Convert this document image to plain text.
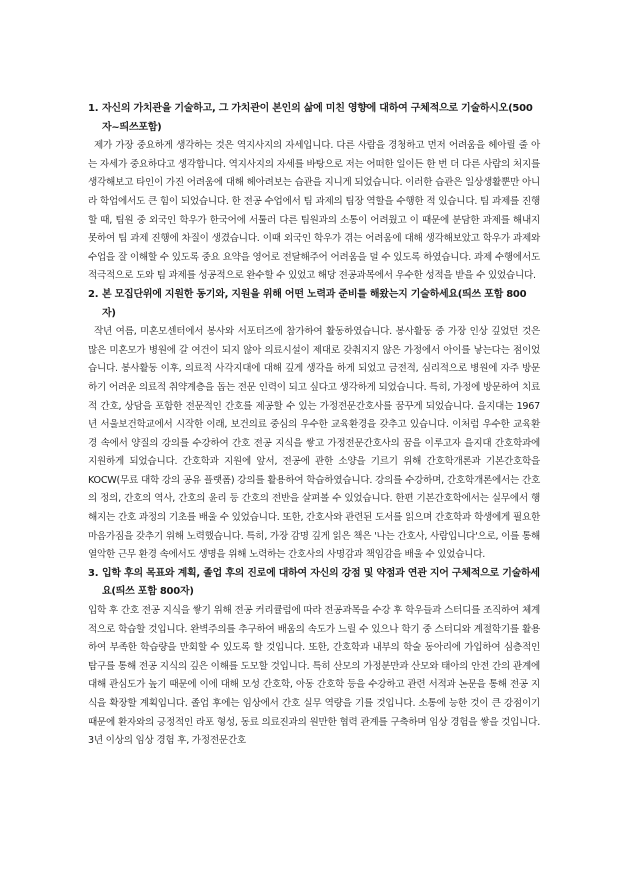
1. 자신의 가치관을 기술하고, 그 가치관이 본인의 삶에 미친 영향에 대하여 구체적으로 기술하시오(500자~띄쓰포함)

제가 가장 중요하게 생각하는 것은 역지사지의 자세입니다. 다른 사람을 경청하고 먼저 어려움을 헤아릴 줄 아는 자세가 중요하다고 생각합니다. 역지사지의 자세를 바탕으로 저는 어떠한 일이든 한 번 더 다른 사람의 처지를 생각해보고 타인이 가진 어려움에 대해 헤아려보는 습관을 지니게 되었습니다. 이러한 습관은 일상생활뿐만 아니라 학업에서도 큰 힘이 되었습니다. 한 전공 수업에서 팀 과제의 팀장 역할을 수행한 적 있습니다. 팀 과제를 진행할 때, 팀원 중 외국인 학우가 한국어에 서툴러 다른 팀원과의 소통이 어려웠고 이 때문에 분담한 과제를 해내지 못하여 팀 과제 진행에 차질이 생겼습니다. 이때 외국인 학우가 겪는 어려움에 대해 생각해보았고 학우가 과제와 수업을 잘 이해할 수 있도록 중요 요약을 영어로 전달해주어 어려움을 덜 수 있도록 하였습니다. 과제 수행에서도 적극적으로 도와 팀 과제를 성공적으로 완수할 수 있었고 해당 전공과목에서 우수한 성적을 받을 수 있었습니다.

2. 본 모집단위에 지원한 동기와, 지원을 위해 어떤 노력과 준비를 해왔는지 기술하세요(띄쓰 포함 800자)

작년 여름, 미혼모센터에서 봉사와 서포터즈에 참가하여 활동하였습니다. 봉사활동 중 가장 인상 깊었던 것은 많은 미혼모가 병원에 갈 여건이 되지 않아 의료시설이 제대로 갖춰지지 않은 가정에서 아이를 낳는다는 점이었습니다. 봉사활동 이후, 의료적 사각지대에 대해 깊게 생각을 하게 되었고 금전적, 심리적으로 병원에 자주 방문하기 어려운 의료적 취약계층을 돕는 전문 인력이 되고 싶다고 생각하게 되었습니다. 특히, 가정에 방문하여 치료적 간호, 상담을 포함한 전문적인 간호를 제공할 수 있는 가정전문간호사를 꿈꾸게 되었습니다. 을지대는 1967년 서울보건학교에서 시작한 이래, 보건의료 중심의 우수한 교육환경을 갖추고 있습니다. 이처럼 우수한 교육환경 속에서 양질의 강의를 수강하여 간호 전공 지식을 쌓고 가정전문간호사의 꿈을 이루고자 을지대 간호학과에 지원하게 되었습니다. 간호학과 지원에 앞서, 전공에 관한 소양을 기르기 위해 간호학개론과 기본간호학을 KOCW(무료 대학 강의 공유 플랫폼) 강의를 활용하여 학습하였습니다. 강의를 수강하며, 간호학개론에서는 간호의 정의, 간호의 역사, 간호의 윤리 등 간호의 전반을 살펴볼 수 있었습니다. 한편 기본간호학에서는 실무에서 행해지는 간호 과정의 기초를 배울 수 있었습니다. 또한, 간호사와 관련된 도서를 읽으며 간호학과 학생에게 필요한 마음가짐을 갖추기 위해 노력했습니다. 특히, 가장 감명 깊게 읽은 책은 '나는 간호사, 사람입니다'으로, 이를 통해 열악한 근무 환경 속에서도 생명을 위해 노력하는 간호사의 사명감과 책임감을 배울 수 있었습니다.

3. 입학 후의 목표와 계획, 졸업 후의 진로에 대하여 자신의 강점 및 약점과 연관 지어 구체적으로 기술하세요(띄쓰 포함 800자)

입학 후 간호 전공 지식을 쌓기 위해 전공 커리큘럼에 따라 전공과목을 수강 후 학우들과 스터디를 조직하여 체계적으로 학습할 것입니다. 완벽주의를 추구하여 배움의 속도가 느릴 수 있으나 학기 중 스터디와 계절학기를 활용하여 부족한 학습량을 만회할 수 있도록 할 것입니다. 또한, 간호학과 내부의 학술 동아리에 가입하여 심층적인 탐구를 통해 전공 지식의 깊은 이해를 도모할 것입니다. 특히 산모의 가정분만과 산모와 태아의 안전 간의 관계에 대해 관심도가 높기 때문에 이에 대해 모성 간호학, 아동 간호학 등을 수강하고 관련 서적과 논문을 통해 전공 지식을 확장할 계획입니다. 졸업 후에는 임상에서 간호 실무 역량을 기를 것입니다. 소통에 능한 것이 큰 강점이기 때문에 환자와의 긍정적인 라포 형성, 동료 의료진과의 원만한 협력 관계를 구축하며 임상 경험을 쌓을 것입니다. 3년 이상의 임상 경험 후, 가정전문간호
